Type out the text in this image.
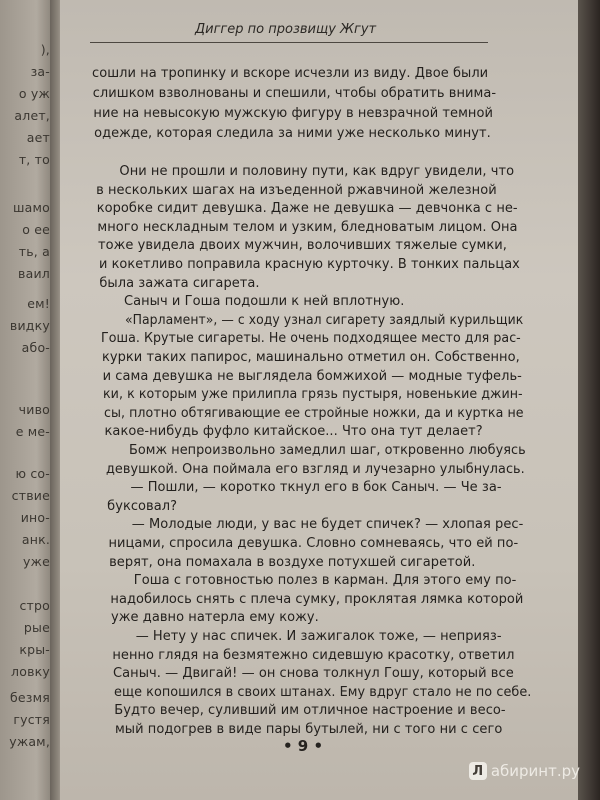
),
за-
о уж
алет,
ает
т, то
шамо
о ее
ть, а
ваил
ем!
видку
або-
чиво
е ме-
ю со-
ствие
ино-
анк.
уже
стро
рые
кры-
ловку
безмя
густя
ужам,
Диггер по прозвищу Жгут
сошли на тропинку и вскоре исчезли из виду. Двое были
слишком взволнованы и спешили, чтобы обратить внима-
ние на невысокую мужскую фигуру в невзрачной темной
одежде, которая следила за ними уже несколько минут.
Они не прошли и половину пути, как вдруг увидели, что
в нескольких шагах на изъеденной ржавчиной железной
коробке сидит девушка. Даже не девушка — девчонка с не-
много нескладным телом и узким, бледноватым лицом. Она
тоже увидела двоих мужчин, волочивших тяжелые сумки,
и кокетливо поправила красную курточку. В тонких пальцах
была зажата сигарета.
Саныч и Гоша подошли к ней вплотную.
«Парламент», — с ходу узнал сигарету заядлый курильщик
Гоша. Крутые сигареты. Не очень подходящее место для рас-
курки таких папирос, машинально отметил он. Собственно,
и сама девушка не выглядела бомжихой — модные туфель-
ки, к которым уже прилипла грязь пустыря, новенькие джин-
сы, плотно обтягивающие ее стройные ножки, да и куртка не
какое-нибудь фуфло китайское... Что она тут делает?
Бомж непроизвольно замедлил шаг, откровенно любуясь
девушкой. Она поймала его взгляд и лучезарно улыбнулась.
— Пошли, — коротко ткнул его в бок Саныч. — Че за-
буксовал?
— Молодые люди, у вас не будет спичек? — хлопая рес-
ницами, спросила девушка. Словно сомневаясь, что ей по-
верят, она помахала в воздухе потухшей сигаретой.
Гоша с готовностью полез в карман. Для этого ему по-
надобилось снять с плеча сумку, проклятая лямка которой
уже давно натерла ему кожу.
— Нету у нас спичек. И зажигалок тоже, — неприяз-
ненно глядя на безмятежно сидевшую красотку, ответил
Саныч. — Двигай! — он снова толкнул Гошу, который все
еще копошился в своих штанах. Ему вдруг стало не по себе.
Будто вечер, суливший им отличное настроение и весо-
мый подогрев в виде пары бутылей, ни с того ни с сего
• 9 •
Л абиринт.ру
